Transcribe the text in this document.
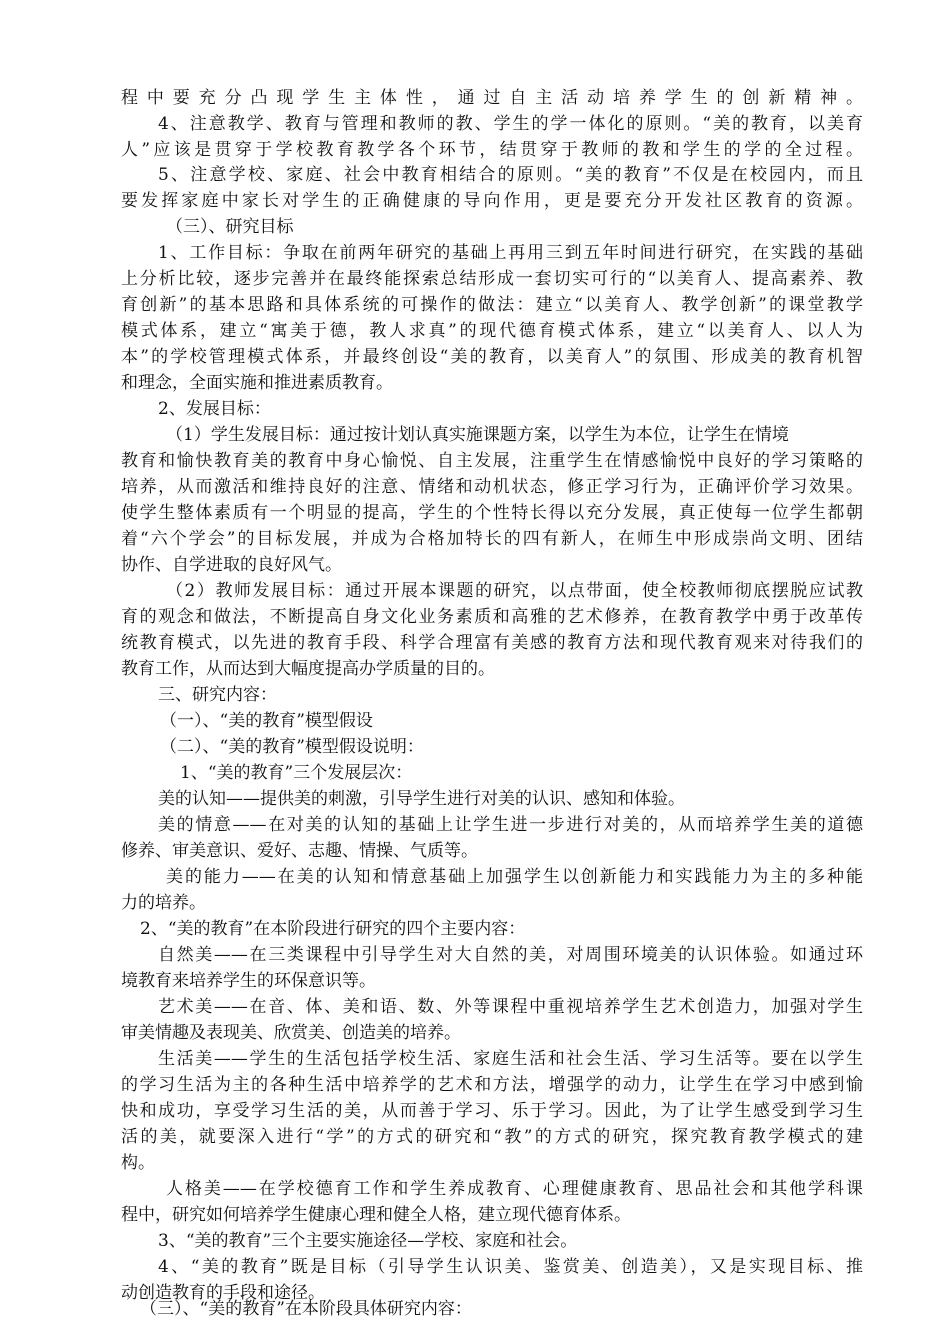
程中要充分凸现学生主体性，通过自主活动培养学生的创新精神。
4、注意教学、教育与管理和教师的教、学生的学一体化的原则。“美的教育，以美育
人”应该是贯穿于学校教育教学各个环节，结贯穿于教师的教和学生的学的全过程。
5、注意学校、家庭、社会中教育相结合的原则。“美的教育”不仅是在校园内，而且
要发挥家庭中家长对学生的正确健康的导向作用，更是要充分开发社区教育的资源。
（三）、研究目标
1、工作目标：争取在前两年研究的基础上再用三到五年时间进行研究，在实践的基础
上分析比较，逐步完善并在最终能探索总结形成一套切实可行的“以美育人、提高素养、教
育创新”的基本思路和具体系统的可操作的做法：建立“以美育人、教学创新”的课堂教学
模式体系，建立“寓美于德，教人求真”的现代德育模式体系，建立“以美育人、以人为
本”的学校管理模式体系，并最终创设“美的教育，以美育人”的氛围、形成美的教育机智
和理念，全面实施和推进素质教育。
2、发展目标：
（1）学生发展目标：通过按计划认真实施课题方案，以学生为本位，让学生在情境
教育和愉快教育美的教育中身心愉悦、自主发展，注重学生在情感愉悦中良好的学习策略的
培养，从而激活和维持良好的注意、情绪和动机状态，修正学习行为，正确评价学习效果。
使学生整体素质有一个明显的提高，学生的个性特长得以充分发展，真正使每一位学生都朝
着“六个学会”的目标发展，并成为合格加特长的四有新人，在师生中形成崇尚文明、团结
协作、自学进取的良好风气。
（2）教师发展目标：通过开展本课题的研究，以点带面，使全校教师彻底摆脱应试教
育的观念和做法，不断提高自身文化业务素质和高雅的艺术修养，在教育教学中勇于改革传
统教育模式，以先进的教育手段、科学合理富有美感的教育方法和现代教育观来对待我们的
教育工作，从而达到大幅度提高办学质量的目的。
三、研究内容：
（一）、“美的教育”模型假设
（二）、“美的教育”模型假设说明：
1、“美的教育”三个发展层次：
美的认知——提供美的刺激，引导学生进行对美的认识、感知和体验。
美的情意——在对美的认知的基础上让学生进一步进行对美的，从而培养学生美的道德
修养、审美意识、爱好、志趣、情操、气质等。
美的能力——在美的认知和情意基础上加强学生以创新能力和实践能力为主的多种能
力的培养。
2、“美的教育”在本阶段进行研究的四个主要内容：
自然美——在三类课程中引导学生对大自然的美，对周围环境美的认识体验。如通过环
境教育来培养学生的环保意识等。
艺术美——在音、体、美和语、数、外等课程中重视培养学生艺术创造力，加强对学生
审美情趣及表现美、欣赏美、创造美的培养。
生活美——学生的生活包括学校生活、家庭生活和社会生活、学习生活等。要在以学生
的学习生活为主的各种生活中培养学的艺术和方法，增强学的动力，让学生在学习中感到愉
快和成功，享受学习生活的美，从而善于学习、乐于学习。因此，为了让学生感受到学习生
活的美，就要深入进行“学”的方式的研究和“教”的方式的研究，探究教育教学模式的建
构。
人格美——在学校德育工作和学生养成教育、心理健康教育、思品社会和其他学科课
程中，研究如何培养学生健康心理和健全人格，建立现代德育体系。
3、“美的教育”三个主要实施途径—学校、家庭和社会。
4、“美的教育”既是目标（引导学生认识美、鉴赏美、创造美），又是实现目标、推
动创造教育的手段和途径。
（三）、“美的教育”在本阶段具体研究内容：
